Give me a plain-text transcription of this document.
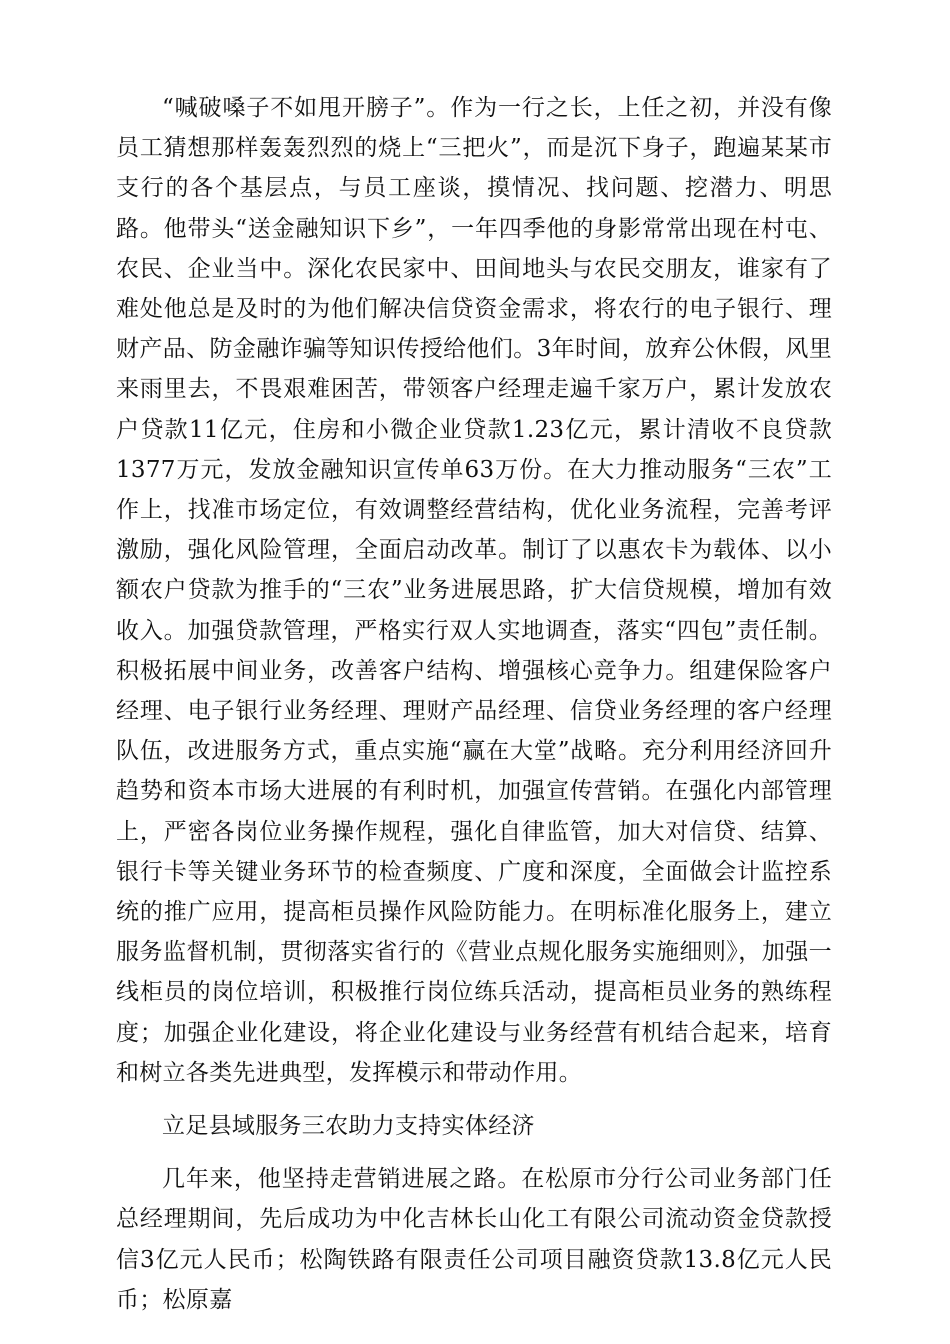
“喊破嗓子不如甩开膀子”。作为一行之长，上任之初，并没有像员工猜想那样轰轰烈烈的烧上“三把火”，而是沉下身子，跑遍某某市支行的各个基层点，与员工座谈，摸情况、找问题、挖潜力、明思路。他带头“送金融知识下乡”，一年四季他的身影常常出现在村屯、农民、企业当中。深化农民家中、田间地头与农民交朋友，谁家有了难处他总是及时的为他们解决信贷资金需求，将农行的电子银行、理财产品、防金融诈骗等知识传授给他们。3年时间，放弃公休假，风里来雨里去，不畏艰难困苦，带领客户经理走遍千家万户，累计发放农户贷款11亿元，住房和小微企业贷款1.23亿元，累计清收不良贷款1377万元，发放金融知识宣传单63万份。在大力推动服务“三农”工作上，找准市场定位，有效调整经营结构，优化业务流程，完善考评激励，强化风险管理，全面启动改革。制订了以惠农卡为载体、以小额农户贷款为推手的“三农”业务进展思路，扩大信贷规模，增加有效收入。加强贷款管理，严格实行双人实地调查，落实“四包”责任制。积极拓展中间业务，改善客户结构、增强核心竞争力。组建保险客户经理、电子银行业务经理、理财产品经理、信贷业务经理的客户经理队伍，改进服务方式，重点实施“赢在大堂”战略。充分利用经济回升趋势和资本市场大进展的有利时机，加强宣传营销。在强化内部管理上，严密各岗位业务操作规程，强化自律监管，加大对信贷、结算、银行卡等关键业务环节的检查频度、广度和深度，全面做会计监控系统的推广应用，提高柜员操作风险防能力。在明标准化服务上，建立服务监督机制，贯彻落实省行的《营业点规化服务实施细则》，加强一线柜员的岗位培训，积极推行岗位练兵活动，提高柜员业务的熟练程度；加强企业化建设，将企业化建设与业务经营有机结合起来，培育和树立各类先进典型，发挥模示和带动作用。

立足县域服务三农助力支持实体经济

几年来，他坚持走营销进展之路。在松原市分行公司业务部门任总经理期间，先后成功为中化吉林长山化工有限公司流动资金贷款授信3亿元人民币；松陶铁路有限责任公司项目融资贷款13.8亿元人民币；松原嘉
